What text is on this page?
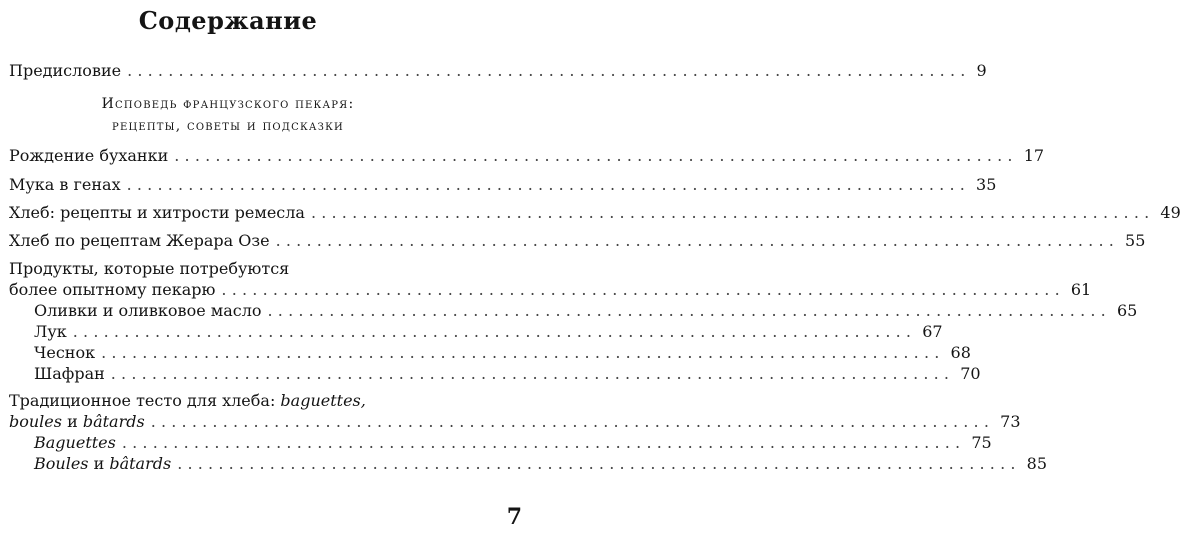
Содержание
Предисловие .................................................................................. 9
Исповедь французского пекаря:
рецепты, советы и подсказки
Рождение буханки .................................................................................. 17
Мука в генах .................................................................................. 35
Хлеб: рецепты и хитрости ремесла .................................................................................. 49
Хлеб по рецептам Жерара Озе .................................................................................. 55
Продукты, которые потребуются
более опытному пекарю .................................................................................. 61
Оливки и оливковое масло .................................................................................. 65
Лук .................................................................................. 67
Чеснок .................................................................................. 68
Шафран .................................................................................. 70
Традиционное тесто для хлеба: baguettes,
boules и bâtards .................................................................................. 73
Baguettes .................................................................................. 75
Boules и bâtards .................................................................................. 85
7
